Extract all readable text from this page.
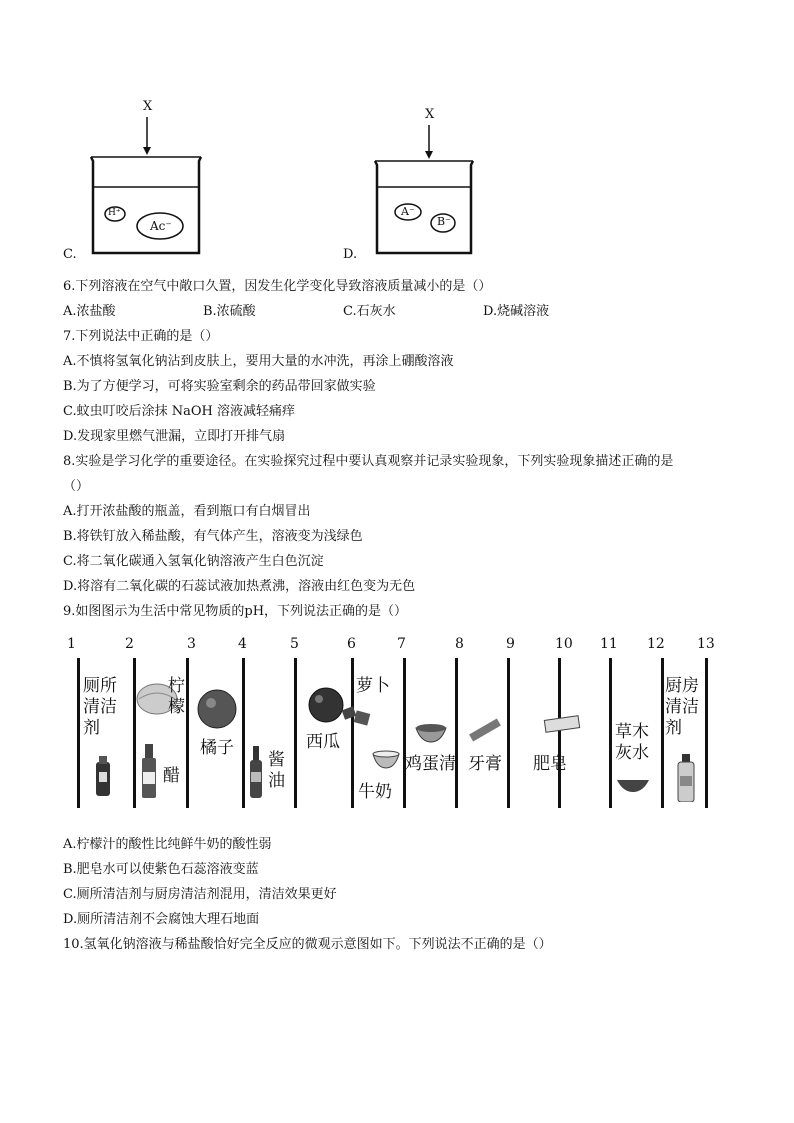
C.
X
H⁺
Ac⁻
D.
X
A⁻
B⁻
6.下列溶液在空气中敞口久置，因发生化学变化导致溶液质量减小的是（）
A.浓盐酸	B.浓硫酸	C.石灰水	D.烧碱溶液
7.下列说法中正确的是（）
A.不慎将氢氧化钠沾到皮肤上，要用大量的水冲洗，再涂上硼酸溶液
B.为了方便学习，可将实验室剩余的药品带回家做实验
C.蚊虫叮咬后涂抹 NaOH 溶液减轻痛痒
D.发现家里燃气泄漏，立即打开排气扇
8.实验是学习化学的重要途径。在实验探究过程中要认真观察并记录实验现象，下列实验现象描述正确的是
（）
A.打开浓盐酸的瓶盖，看到瓶口有白烟冒出
B.将铁钉放入稀盐酸，有气体产生，溶液变为浅绿色
C.将二氧化碳通入氢氧化钠溶液产生白色沉淀
D.将溶有二氧化碳的石蕊试液加热煮沸，溶液由红色变为无色
9.如图图示为生活中常见物质的pH，下列说法正确的是（）
1	2	3	4	5	6	7	8	9	10 11 12 13
厕所清洁剂
柠檬
醋
橘子
酱油
西瓜
萝卜
牛奶
鸡蛋清 牙膏 肥皂
草木灰水
厨房清洁剂
A.柠檬汁的酸性比纯鲜牛奶的酸性弱
B.肥皂水可以使紫色石蕊溶液变蓝
C.厕所清洁剂与厨房清洁剂混用，清洁效果更好
D.厕所清洁剂不会腐蚀大理石地面
10.氢氧化钠溶液与稀盐酸恰好完全反应的微观示意图如下。下列说法不正确的是（）
